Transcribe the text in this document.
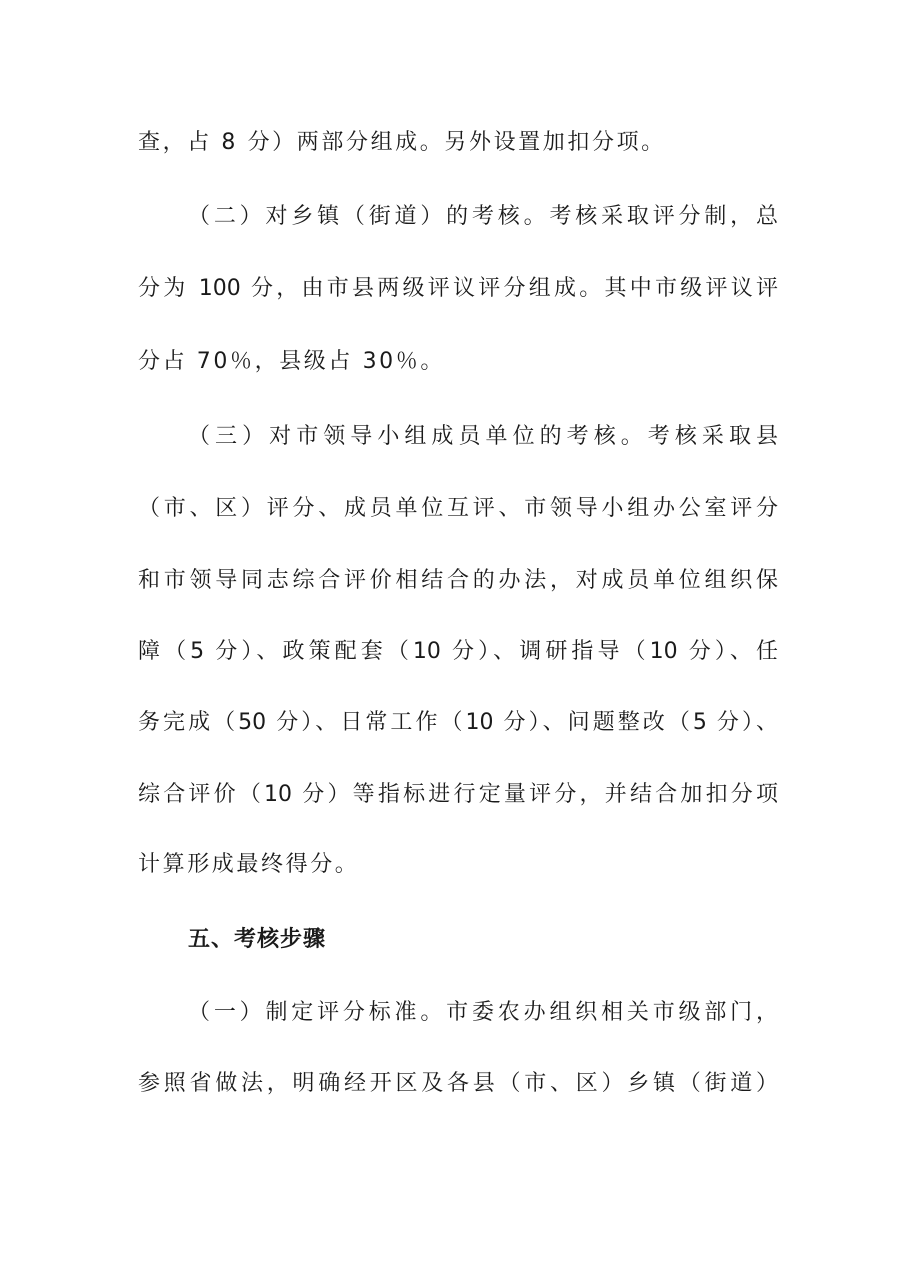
查，占 8 分）两部分组成。另外设置加扣分项。
（二）对乡镇（街道）的考核。考核采取评分制，总
分为 100 分，由市县两级评议评分组成。其中市级评议评
分占 70％，县级占 30％。
（三）对市领导小组成员单位的考核。考核采取县
（市、区）评分、成员单位互评、市领导小组办公室评分
和市领导同志综合评价相结合的办法，对成员单位组织保
障（5 分）、政策配套（10 分）、调研指导（10 分）、任
务完成（50 分）、日常工作（10 分）、问题整改（5 分）、
综合评价（10 分）等指标进行定量评分，并结合加扣分项
计算形成最终得分。
五、考核步骤
（一）制定评分标准。市委农办组织相关市级部门，
参照省做法，明确经开区及各县（市、区）乡镇（街道）
